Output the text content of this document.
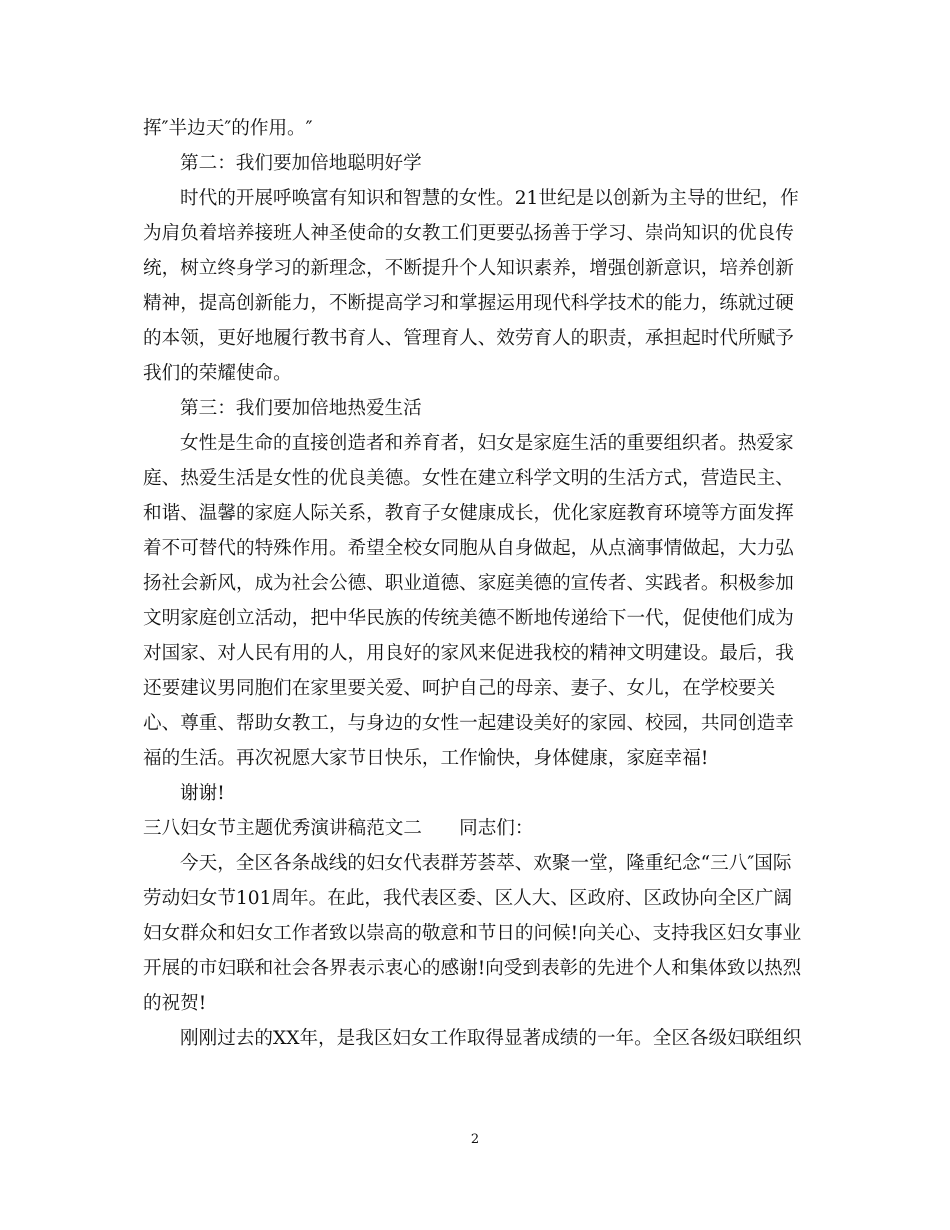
挥″半边天″的作用。″
第二：我们要加倍地聪明好学
时代的开展呼唤富有知识和智慧的女性。21世纪是以创新为主导的世纪，作
为肩负着培养接班人神圣使命的女教工们更要弘扬善于学习、崇尚知识的优良传
统，树立终身学习的新理念，不断提升个人知识素养，增强创新意识，培养创新
精神，提高创新能力，不断提高学习和掌握运用现代科学技术的能力，练就过硬
的本领，更好地履行教书育人、管理育人、效劳育人的职责，承担起时代所赋予
我们的荣耀使命。
第三：我们要加倍地热爱生活
女性是生命的直接创造者和养育者，妇女是家庭生活的重要组织者。热爱家
庭、热爱生活是女性的优良美德。女性在建立科学文明的生活方式，营造民主、
和谐、温馨的家庭人际关系，教育子女健康成长，优化家庭教育环境等方面发挥
着不可替代的特殊作用。希望全校女同胞从自身做起，从点滴事情做起，大力弘
扬社会新风，成为社会公德、职业道德、家庭美德的宣传者、实践者。积极参加
文明家庭创立活动，把中华民族的传统美德不断地传递给下一代，促使他们成为
对国家、对人民有用的人，用良好的家风来促进我校的精神文明建设。最后，我
还要建议男同胞们在家里要关爱、呵护自己的母亲、妻子、女儿，在学校要关
心、尊重、帮助女教工，与身边的女性一起建设美好的家园、校园，共同创造幸
福的生活。再次祝愿大家节日快乐，工作愉快，身体健康，家庭幸福!
谢谢!
三八妇女节主题优秀演讲稿范文二　　同志们：
今天，全区各条战线的妇女代表群芳荟萃、欢聚一堂，隆重纪念“三八″国际
劳动妇女节101周年。在此，我代表区委、区人大、区政府、区政协向全区广阔
妇女群众和妇女工作者致以崇高的敬意和节日的问候!向关心、支持我区妇女事业
开展的市妇联和社会各界表示衷心的感谢!向受到表彰的先进个人和集体致以热烈
的祝贺!
刚刚过去的XX年，是我区妇女工作取得显著成绩的一年。全区各级妇联组织
2
